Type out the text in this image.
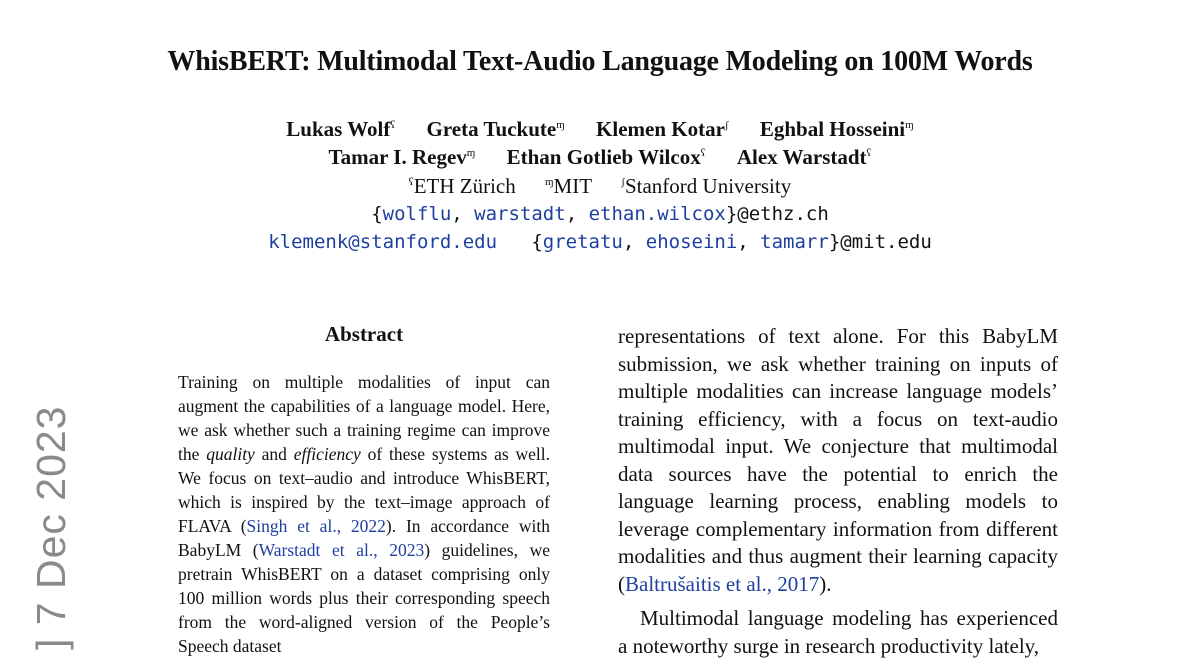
WhisBERT: Multimodal Text-Audio Language Modeling on 100M Words
Lukas Wolf$^ʕ$ Greta Tuckute$^ɱ$ Klemen Kotar$^ʃ$ Eghbal Hosseini$^ɱ$
Tamar I. Regev$^ɱ$ Ethan Gotlieb Wilcox$^ʕ$ Alex Warstadt$^ʕ$
$^ʕ$ETH Zürich	$^ɱ$MIT	$^ʃ$Stanford University
{wolflu, warstadt, ethan.wilcox}@ethz.ch
klemenk@stanford.edu {gretatu, ehoseini, tamarr}@mit.edu
Abstract
Training on multiple modalities of input can augment the capabilities of a language model. Here, we ask whether such a training regime can improve the quality and efficiency of these systems as well. We focus on text–audio and introduce WhisBERT, which is inspired by the text–image approach of FLAVA (Singh et al., 2022). In accordance with BabyLM (Warstadt et al., 2023) guidelines, we pretrain WhisBERT on a dataset comprising only 100 million words plus their corresponding speech from the word-aligned version of the People’s Speech dataset

representations of text alone. For this BabyLM submission, we ask whether training on inputs of multiple modalities can increase language models’ training efficiency, with a focus on text-audio multimodal input. We conjecture that multimodal data sources have the potential to enrich the language learning process, enabling models to leverage complementary information from different modalities and thus augment their learning capacity (Baltrušaitis et al., 2017).

Multimodal language modeling has experienced a noteworthy surge in research productivity lately,

] 7 Dec 2023
